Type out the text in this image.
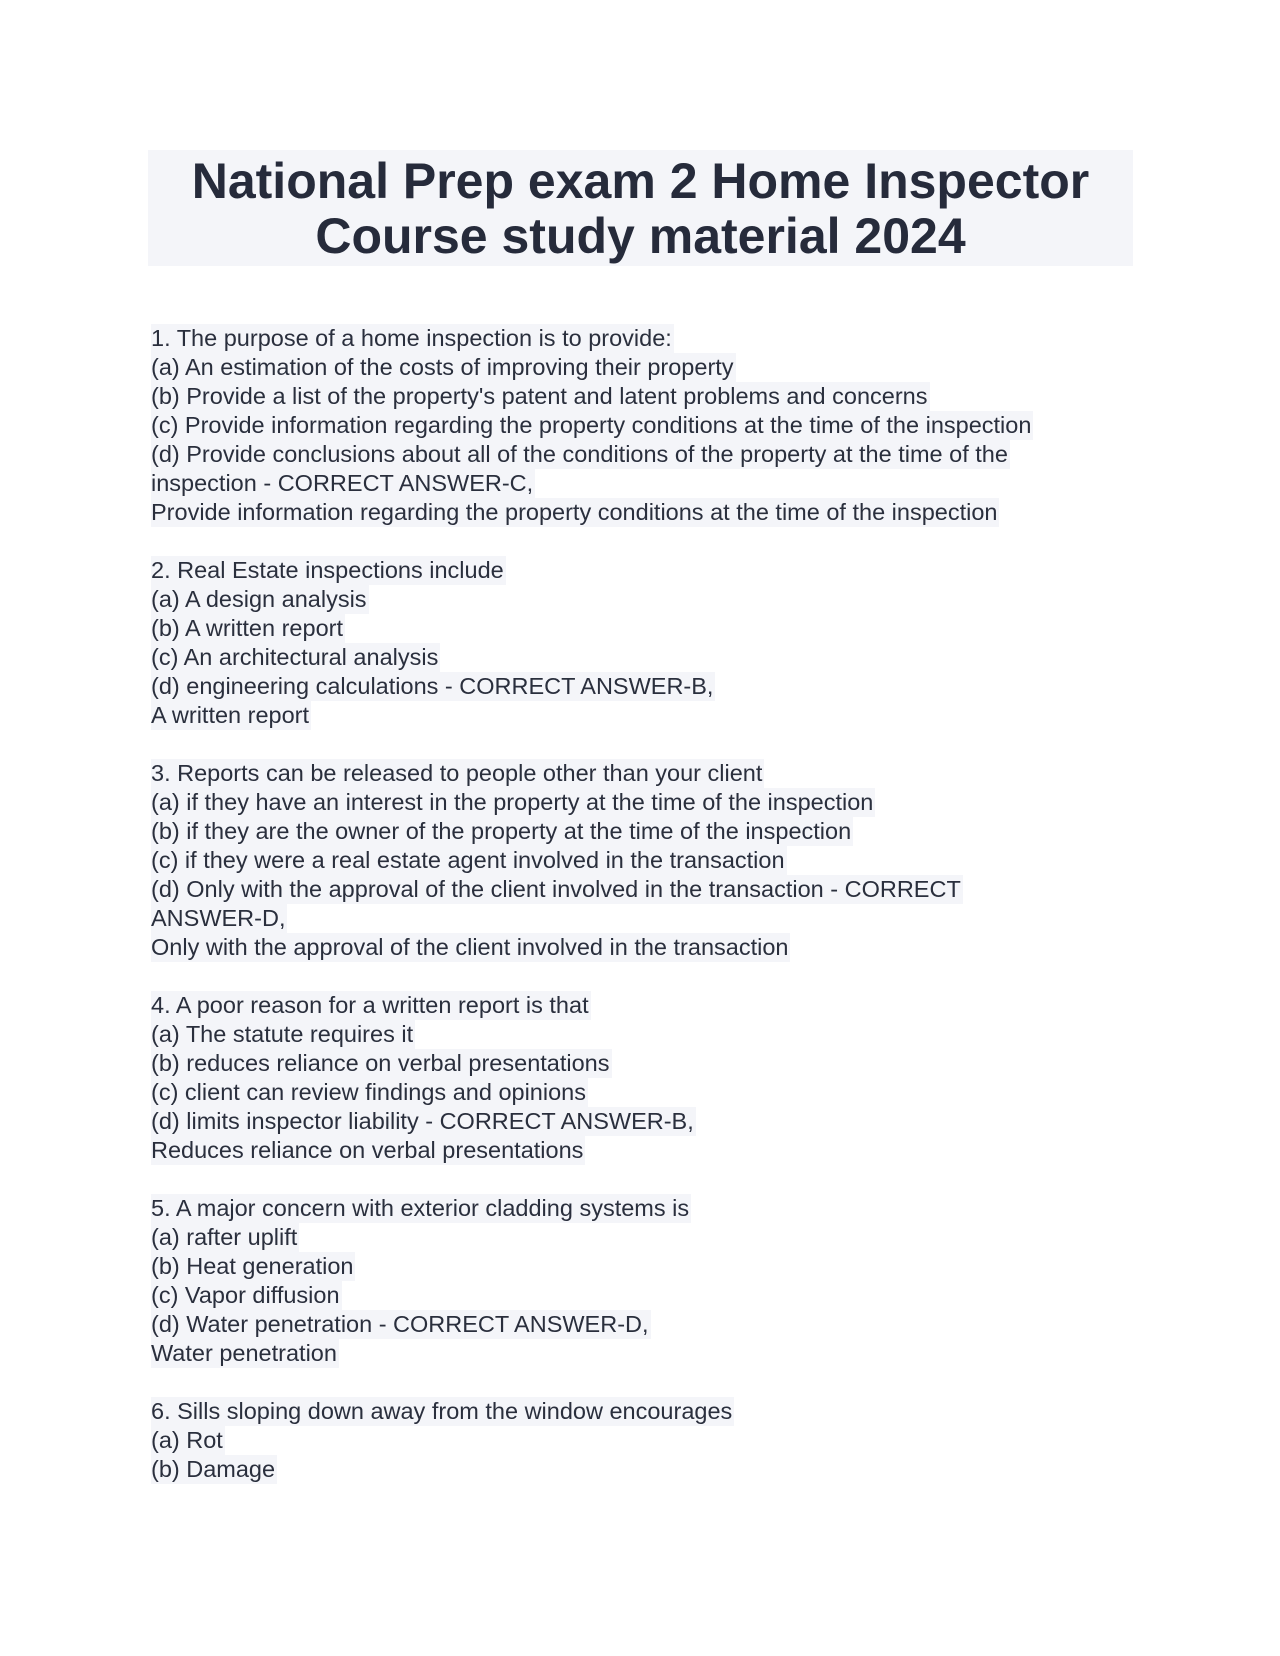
National Prep exam 2 Home Inspector
Course study material 2024
1. The purpose of a home inspection is to provide:
(a) An estimation of the costs of improving their property
(b) Provide a list of the property's patent and latent problems and concerns
(c) Provide information regarding the property conditions at the time of the inspection
(d) Provide conclusions about all of the conditions of the property at the time of the
inspection - CORRECT ANSWER-C,
Provide information regarding the property conditions at the time of the inspection
2. Real Estate inspections include
(a) A design analysis
(b) A written report
(c) An architectural analysis
(d) engineering calculations - CORRECT ANSWER-B,
A written report
3. Reports can be released to people other than your client
(a) if they have an interest in the property at the time of the inspection
(b) if they are the owner of the property at the time of the inspection
(c) if they were a real estate agent involved in the transaction
(d) Only with the approval of the client involved in the transaction - CORRECT
ANSWER-D,
Only with the approval of the client involved in the transaction
4. A poor reason for a written report is that
(a) The statute requires it
(b) reduces reliance on verbal presentations
(c) client can review findings and opinions
(d) limits inspector liability - CORRECT ANSWER-B,
Reduces reliance on verbal presentations
5. A major concern with exterior cladding systems is
(a) rafter uplift
(b) Heat generation
(c) Vapor diffusion
(d) Water penetration - CORRECT ANSWER-D,
Water penetration
6. Sills sloping down away from the window encourages
(a) Rot
(b) Damage
